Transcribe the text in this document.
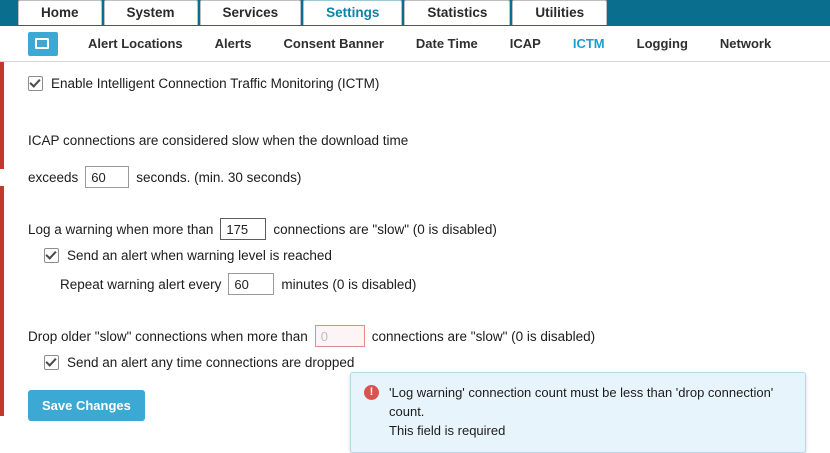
Home	System	Services	Settings	Statistics	Utilities
Alert Locations	Alerts	Consent Banner	Date Time	ICAP	ICTM	Logging	Network
Enable Intelligent Connection Traffic Monitoring (ICTM)
ICAP connections are considered slow when the download time
exceeds
60	seconds. (min. 30 seconds)
Log a warning when more than
175	connections are "slow" (0 is disabled)
Send an alert when warning level is reached
Repeat warning alert every
60	minutes (0 is disabled)
Drop older "slow" connections when more than
0	connections are "slow" (0 is disabled)
Send an alert any time connections are dropped
Save Changes
!	'Log warning' connection count must be less than 'drop connection' count.
This field is required
